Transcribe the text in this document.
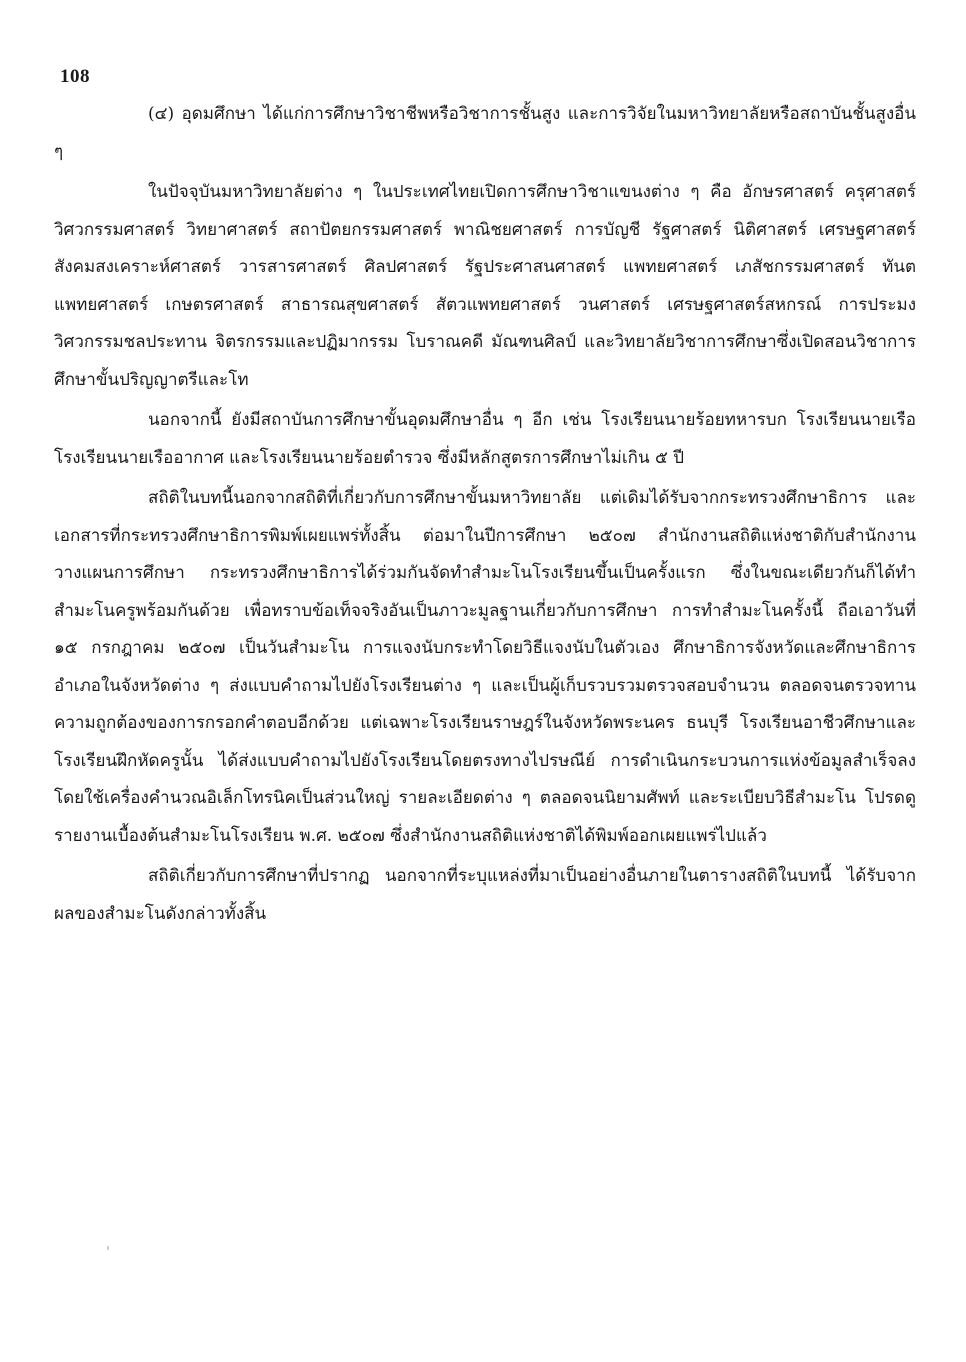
108

(๔) อุดมศึกษา ได้แก่การศึกษาวิชาชีพหรือวิชาการชั้นสูง และการวิจัยในมหาวิทยาลัยหรือสถาบันชั้นสูงอื่น ๆ

ในปัจจุบันมหาวิทยาลัยต่าง ๆ ในประเทศไทยเปิดการศึกษาวิชาแขนงต่าง ๆ คือ อักษรศาสตร์ ครุศาสตร์ วิศวกรรมศาสตร์ วิทยาศาสตร์ สถาปัตยกรรมศาสตร์ พาณิชยศาสตร์ การบัญชี รัฐศาสตร์ นิติศาสตร์ เศรษฐศาสตร์ สังคมสงเคราะห์ศาสตร์ วารสารศาสตร์ ศิลปศาสตร์ รัฐประศาสนศาสตร์ แพทยศาสตร์ เภสัชกรรมศาสตร์ ทันตแพทยศาสตร์ เกษตรศาสตร์ สาธารณสุขศาสตร์ สัตวแพทยศาสตร์ วนศาสตร์ เศรษฐศาสตร์สหกรณ์ การประมง วิศวกรรมชลประทาน จิตรกรรมและปฏิมากรรม โบราณคดี มัณฑนศิลป์ และวิทยาลัยวิชาการศึกษาซึ่งเปิดสอนวิชาการศึกษาขั้นปริญญาตรีและโท

นอกจากนี้ ยังมีสถาบันการศึกษาขั้นอุดมศึกษาอื่น ๆ อีก เช่น โรงเรียนนายร้อยทหารบก โรงเรียนนายเรือ โรงเรียนนายเรืออากาศ และโรงเรียนนายร้อยตำรวจ ซึ่งมีหลักสูตรการศึกษาไม่เกิน ๕ ปี

สถิติในบทนี้นอกจากสถิติที่เกี่ยวกับการศึกษาขั้นมหาวิทยาลัย แต่เดิมได้รับจากกระทรวงศึกษาธิการ และเอกสารที่กระทรวงศึกษาธิการพิมพ์เผยแพร่ทั้งสิ้น ต่อมาในปีการศึกษา ๒๕๐๗ สำนักงานสถิติแห่งชาติกับสำนักงานวางแผนการศึกษา กระทรวงศึกษาธิการได้ร่วมกันจัดทำสำมะโนโรงเรียนขึ้นเป็นครั้งแรก ซึ่งในขณะเดียวกันก็ได้ทำสำมะโนครูพร้อมกันด้วย เพื่อทราบข้อเท็จจริงอันเป็นภาวะมูลฐานเกี่ยวกับการศึกษา การทำสำมะโนครั้งนี้ ถือเอาวันที่ ๑๕ กรกฎาคม ๒๕๐๗ เป็นวันสำมะโน การแจงนับกระทำโดยวิธีแจงนับในตัวเอง ศึกษาธิการจังหวัดและศึกษาธิการอำเภอในจังหวัดต่าง ๆ ส่งแบบคำถามไปยังโรงเรียนต่าง ๆ และเป็นผู้เก็บรวบรวมตรวจสอบจำนวน ตลอดจนตรวจทานความถูกต้องของการกรอกคำตอบอีกด้วย แต่เฉพาะโรงเรียนราษฎร์ในจังหวัดพระนคร ธนบุรี โรงเรียนอาชีวศึกษาและโรงเรียนฝึกหัดครูนั้น ได้ส่งแบบคำถามไปยังโรงเรียนโดยตรงทางไปรษณีย์ การดำเนินกระบวนการแห่งข้อมูลสำเร็จลงโดยใช้เครื่องคำนวณอิเล็กโทรนิคเป็นส่วนใหญ่ รายละเอียดต่าง ๆ ตลอดจนนิยามศัพท์ และระเบียบวิธีสำมะโน โปรดดูรายงานเบื้องต้นสำมะโนโรงเรียน พ.ศ. ๒๕๐๗ ซึ่งสำนักงานสถิติแห่งชาติได้พิมพ์ออกเผยแพร่ไปแล้ว

สถิติเกี่ยวกับการศึกษาที่ปรากฏ นอกจากที่ระบุแหล่งที่มาเป็นอย่างอื่นภายในตารางสถิติในบทนี้ ได้รับจากผลของสำมะโนดังกล่าวทั้งสิ้น
